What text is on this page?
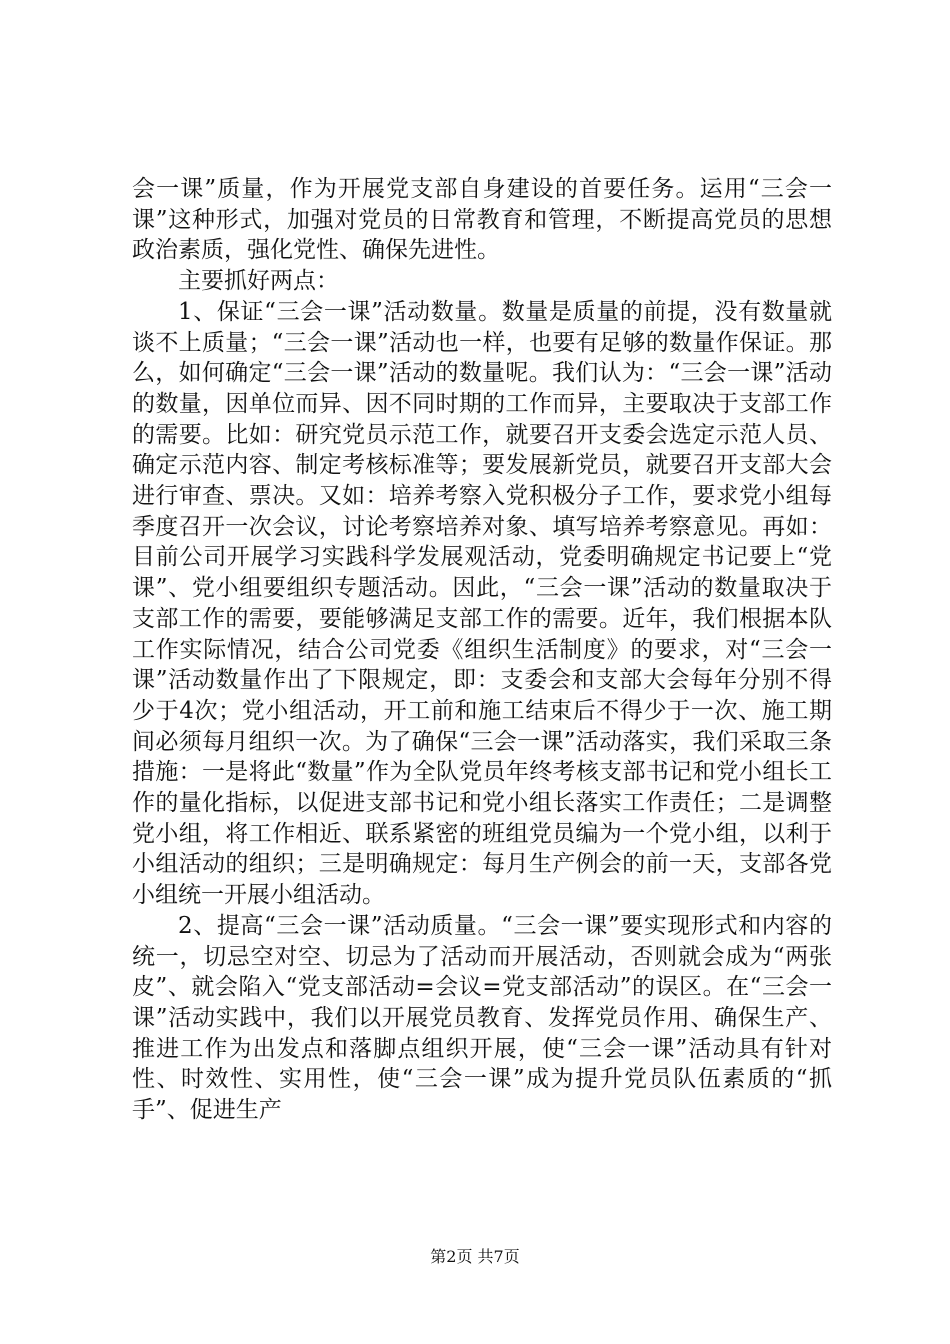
会一课”质量，作为开展党支部自身建设的首要任务。运用“三会一课”这种形式，加强对党员的日常教育和管理，不断提高党员的思想政治素质，强化党性、确保先进性。

主要抓好两点：

1、保证“三会一课”活动数量。数量是质量的前提，没有数量就谈不上质量；“三会一课”活动也一样，也要有足够的数量作保证。那么，如何确定“三会一课”活动的数量呢。我们认为：“三会一课”活动的数量，因单位而异、因不同时期的工作而异，主要取决于支部工作的需要。比如：研究党员示范工作，就要召开支委会选定示范人员、确定示范内容、制定考核标准等；要发展新党员，就要召开支部大会进行审查、票决。又如：培养考察入党积极分子工作，要求党小组每季度召开一次会议，讨论考察培养对象、填写培养考察意见。再如：目前公司开展学习实践科学发展观活动，党委明确规定书记要上“党课”、党小组要组织专题活动。因此，“三会一课”活动的数量取决于支部工作的需要，要能够满足支部工作的需要。近年，我们根据本队工作实际情况，结合公司党委《组织生活制度》的要求，对“三会一课”活动数量作出了下限规定，即：支委会和支部大会每年分别不得少于4次；党小组活动，开工前和施工结束后不得少于一次、施工期间必须每月组织一次。为了确保“三会一课”活动落实，我们采取三条措施：一是将此“数量”作为全队党员年终考核支部书记和党小组长工作的量化指标，以促进支部书记和党小组长落实工作责任；二是调整党小组，将工作相近、联系紧密的班组党员编为一个党小组，以利于小组活动的组织；三是明确规定：每月生产例会的前一天，支部各党小组统一开展小组活动。

2、提高“三会一课”活动质量。“三会一课”要实现形式和内容的统一，切忌空对空、切忌为了活动而开展活动，否则就会成为“两张皮”、就会陷入“党支部活动=会议=党支部活动”的误区。在“三会一课”活动实践中，我们以开展党员教育、发挥党员作用、确保生产、推进工作为出发点和落脚点组织开展，使“三会一课”活动具有针对性、时效性、实用性，使“三会一课”成为提升党员队伍素质的“抓手”、促进生产

第2页 共7页
